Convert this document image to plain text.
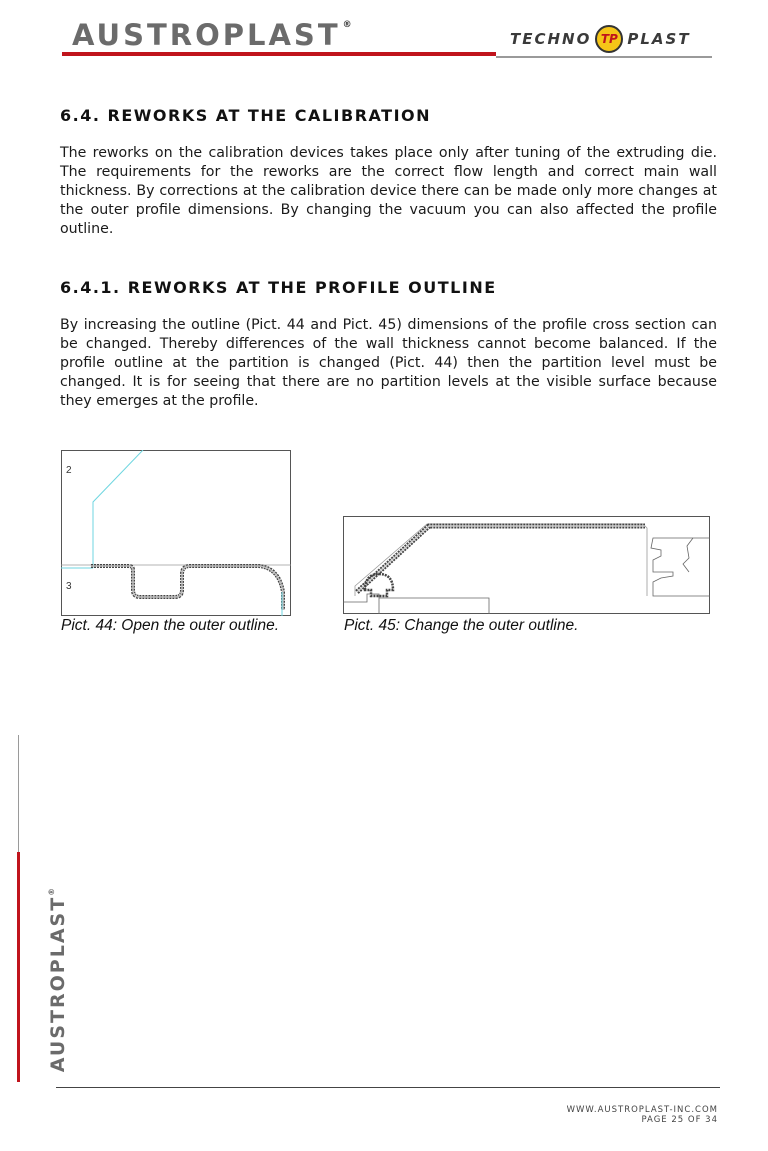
AUSTROPLAST ®
TECHNO TP PLAST
6.4. REWORKS AT THE CALIBRATION
The reworks on the calibration devices takes place only after tuning of the extruding die. The requirements for the reworks are the correct flow length and correct main wall thickness. By corrections at the calibration device there can be made only more changes at the outer profile dimensions. By changing the vacuum you can also affected the profile outline.
6.4.1. REWORKS AT THE PROFILE OUTLINE
By increasing the outline (Pict. 44 and Pict. 45) dimensions of the profile cross section can be changed. Thereby differences of the wall thickness cannot become balanced. If the profile outline at the partition is changed (Pict. 44) then the partition level must be changed. It is for seeing that there are no partition levels at the visible surface because they emerges at the profile.
2
3
Pict. 44: Open the outer outline.	Pict. 45: Change the outer outline.
AUSTROPLAST®
WWW.AUSTROPLAST-INC.COM
PAGE 25 OF 34
